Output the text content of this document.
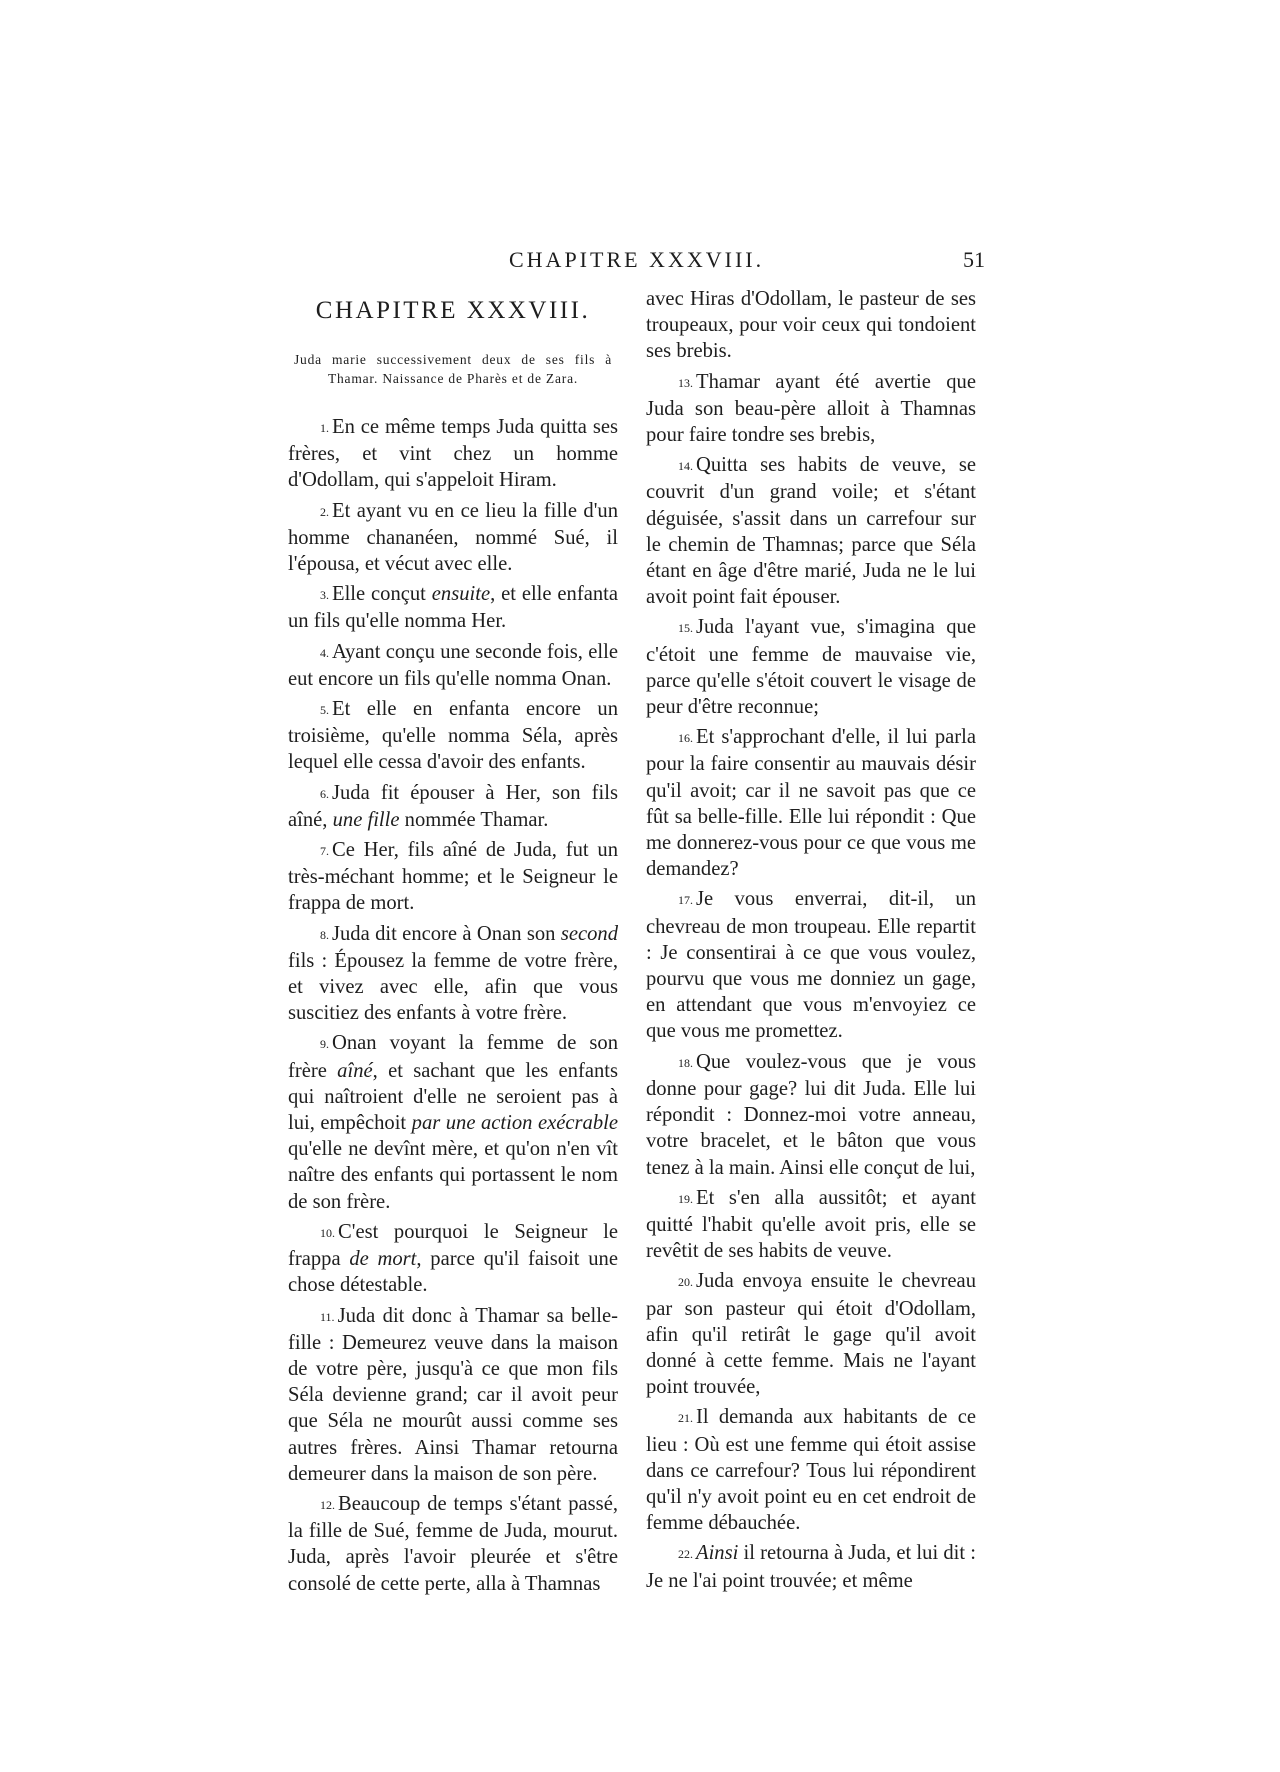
CHAPITRE XXXVIII.	51
CHAPITRE XXXVIII.
Juda marie successivement deux de ses fils à Thamar. Naissance de Pharès et de Zara.

1. En ce même temps Juda quitta ses frères, et vint chez un homme d'Odollam, qui s'appeloit Hiram.

2. Et ayant vu en ce lieu la fille d'un homme chananéen, nommé Sué, il l'épousa, et vécut avec elle.

3. Elle conçut ensuite, et elle enfanta un fils qu'elle nomma Her.

4. Ayant conçu une seconde fois, elle eut encore un fils qu'elle nomma Onan.

5. Et elle en enfanta encore un troisième, qu'elle nomma Séla, après lequel elle cessa d'avoir des enfants.

6. Juda fit épouser à Her, son fils aîné, une fille nommée Thamar.

7. Ce Her, fils aîné de Juda, fut un très-méchant homme; et le Seigneur le frappa de mort.

8. Juda dit encore à Onan son second fils : Épousez la femme de votre frère, et vivez avec elle, afin que vous suscitiez des enfants à votre frère.

9. Onan voyant la femme de son frère aîné, et sachant que les enfants qui naîtroient d'elle ne seroient pas à lui, empêchoit par une action exécrable qu'elle ne devînt mère, et qu'on n'en vît naître des enfants qui portassent le nom de son frère.

10. C'est pourquoi le Seigneur le frappa de mort, parce qu'il faisoit une chose détestable.

11. Juda dit donc à Thamar sa belle-fille : Demeurez veuve dans la maison de votre père, jusqu'à ce que mon fils Séla devienne grand; car il avoit peur que Séla ne mourût aussi comme ses autres frères. Ainsi Thamar retourna demeurer dans la maison de son père.

12. Beaucoup de temps s'étant passé, la fille de Sué, femme de Juda, mourut. Juda, après l'avoir pleurée et s'être consolé de cette perte, alla à Thamnas

avec Hiras d'Odollam, le pasteur de ses troupeaux, pour voir ceux qui tondoient ses brebis.

13. Thamar ayant été avertie que Juda son beau-père alloit à Thamnas pour faire tondre ses brebis,

14. Quitta ses habits de veuve, se couvrit d'un grand voile; et s'étant déguisée, s'assit dans un carrefour sur le chemin de Thamnas; parce que Séla étant en âge d'être marié, Juda ne le lui avoit point fait épouser.

15. Juda l'ayant vue, s'imagina que c'étoit une femme de mauvaise vie, parce qu'elle s'étoit couvert le visage de peur d'être reconnue;

16. Et s'approchant d'elle, il lui parla pour la faire consentir au mauvais désir qu'il avoit; car il ne savoit pas que ce fût sa belle-fille. Elle lui répondit : Que me donnerez-vous pour ce que vous me demandez?

17. Je vous enverrai, dit-il, un chevreau de mon troupeau. Elle repartit : Je consentirai à ce que vous voulez, pourvu que vous me donniez un gage, en attendant que vous m'envoyiez ce que vous me promettez.

18. Que voulez-vous que je vous donne pour gage? lui dit Juda. Elle lui répondit : Donnez-moi votre anneau, votre bracelet, et le bâton que vous tenez à la main. Ainsi elle conçut de lui,

19. Et s'en alla aussitôt; et ayant quitté l'habit qu'elle avoit pris, elle se revêtit de ses habits de veuve.

20. Juda envoya ensuite le chevreau par son pasteur qui étoit d'Odollam, afin qu'il retirât le gage qu'il avoit donné à cette femme. Mais ne l'ayant point trouvée,

21. Il demanda aux habitants de ce lieu : Où est une femme qui étoit assise dans ce carrefour? Tous lui répondirent qu'il n'y avoit point eu en cet endroit de femme débauchée.

22. Ainsi il retourna à Juda, et lui dit : Je ne l'ai point trouvée; et même
